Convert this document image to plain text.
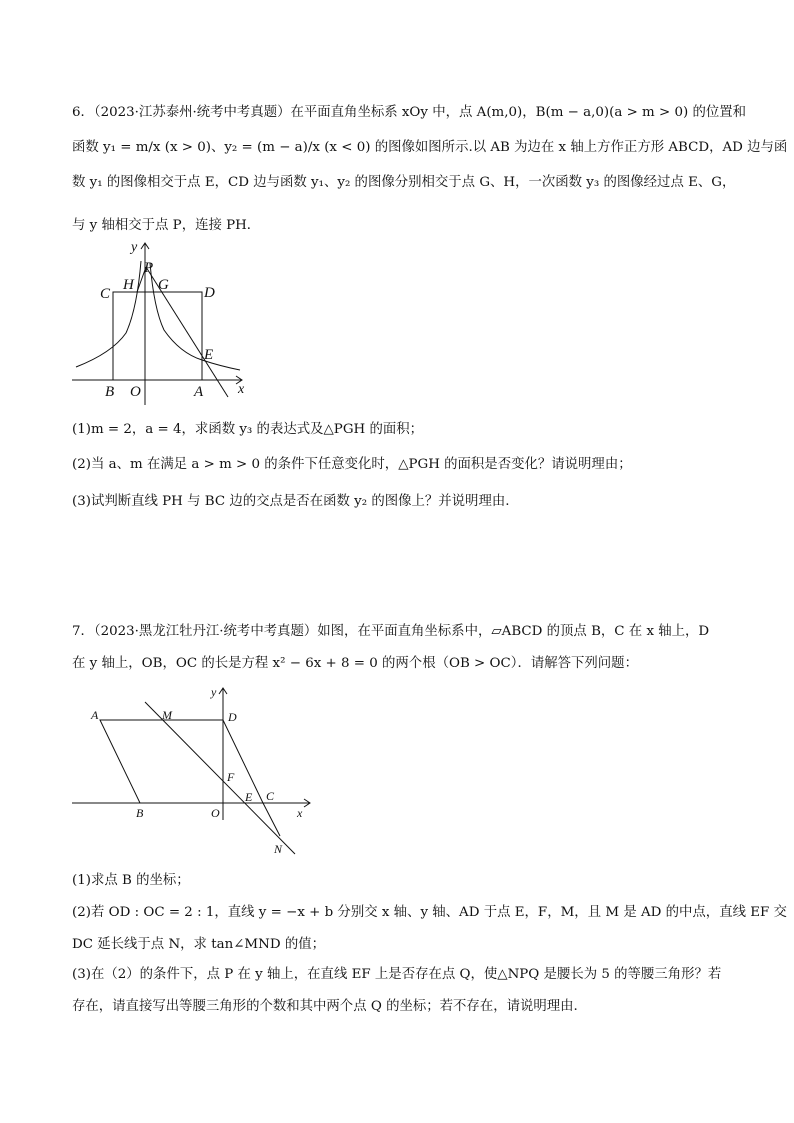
6．（2023·江苏泰州·统考中考真题）在平面直角坐标系 xOy 中，点 A(m,0)，B(m − a,0)(a > m > 0) 的位置和
函数 y₁ = m/x (x > 0)、y₂ = (m − a)/x (x < 0) 的图像如图所示.以 AB 为边在 x 轴上方作正方形 ABCD，AD 边与函
数 y₁ 的图像相交于点 E，CD 边与函数 y₁、y₂ 的图像分别相交于点 G、H，一次函数 y₃ 的图像经过点 E、G，
与 y 轴相交于点 P，连接 PH．
y
P
C
H G D
E
B O	A x
(1)m = 2，a = 4，求函数 y₃ 的表达式及△PGH 的面积；
(2)当 a、m 在满足 a > m > 0 的条件下任意变化时，△PGH 的面积是否变化？请说明理由；
(3)试判断直线 PH 与 BC 边的交点是否在函数 y₂ 的图像上？并说明理由.
7．（2023·黑龙江牡丹江·统考中考真题）如图，在平面直角坐标系中，▱ABCD 的顶点 B，C 在 x 轴上，D
在 y 轴上，OB，OC 的长是方程 x² − 6x + 8 = 0 的两个根（OB > OC）．请解答下列问题：
y
A	M	D
F
E C
B	O	x
N
(1)求点 B 的坐标；
(2)若 OD : OC = 2 : 1，直线 y = −x + b 分别交 x 轴、y 轴、AD 于点 E，F，M，且 M 是 AD 的中点，直线 EF 交
DC 延长线于点 N，求 tan∠MND 的值；
(3)在（2）的条件下，点 P 在 y 轴上，在直线 EF 上是否存在点 Q，使△NPQ 是腰长为 5 的等腰三角形？若
存在，请直接写出等腰三角形的个数和其中两个点 Q 的坐标；若不存在，请说明理由.
